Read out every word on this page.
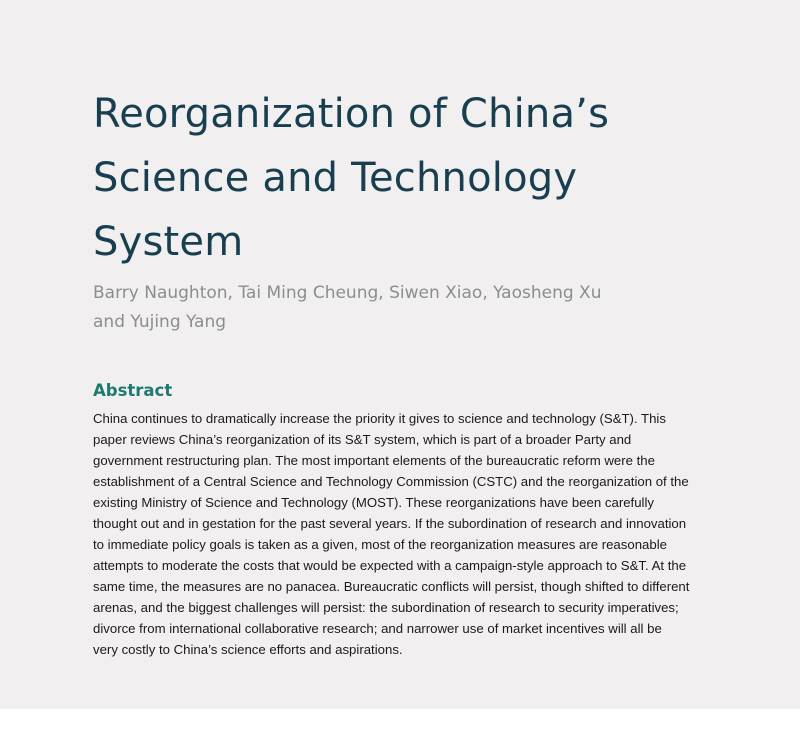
Reorganization of China’s
Science and Technology
System

Barry Naughton, Tai Ming Cheung, Siwen Xiao, Yaosheng Xu
and Yujing Yang

Abstract

China continues to dramatically increase the priority it gives to science and technology (S&T). This
paper reviews China’s reorganization of its S&T system, which is part of a broader Party and
government restructuring plan. The most important elements of the bureaucratic reform were the
establishment of a Central Science and Technology Commission (CSTC) and the reorganization of the
existing Ministry of Science and Technology (MOST). These reorganizations have been carefully
thought out and in gestation for the past several years. If the subordination of research and innovation
to immediate policy goals is taken as a given, most of the reorganization measures are reasonable
attempts to moderate the costs that would be expected with a campaign-style approach to S&T. At the
same time, the measures are no panacea. Bureaucratic conflicts will persist, though shifted to different
arenas, and the biggest challenges will persist: the subordination of research to security imperatives;
divorce from international collaborative research; and narrower use of market incentives will all be
very costly to China’s science efforts and aspirations.
